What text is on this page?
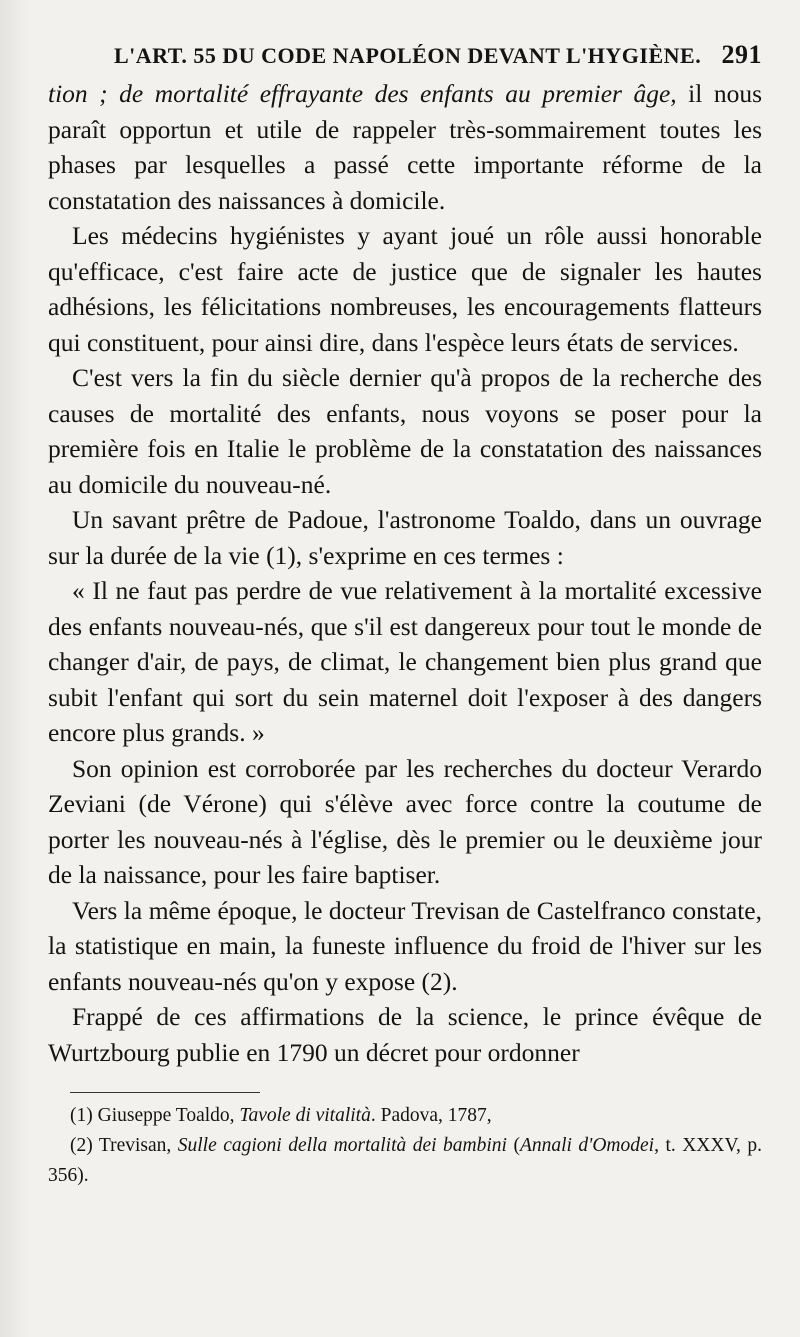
L'ART. 55 DU CODE NAPOLÉON DEVANT L'HYGIÈNE. 291

tion ; de mortalité effrayante des enfants au premier âge, il nous paraît opportun et utile de rappeler très-sommairement toutes les phases par lesquelles a passé cette importante réforme de la constatation des naissances à domicile.

Les médecins hygiénistes y ayant joué un rôle aussi honorable qu'efficace, c'est faire acte de justice que de signaler les hautes adhésions, les félicitations nombreuses, les encouragements flatteurs qui constituent, pour ainsi dire, dans l'espèce leurs états de services.

C'est vers la fin du siècle dernier qu'à propos de la recherche des causes de mortalité des enfants, nous voyons se poser pour la première fois en Italie le problème de la constatation des naissances au domicile du nouveau-né.

Un savant prêtre de Padoue, l'astronome Toaldo, dans un ouvrage sur la durée de la vie (1), s'exprime en ces termes :

« Il ne faut pas perdre de vue relativement à la mortalité excessive des enfants nouveau-nés, que s'il est dangereux pour tout le monde de changer d'air, de pays, de climat, le changement bien plus grand que subit l'enfant qui sort du sein maternel doit l'exposer à des dangers encore plus grands. »

Son opinion est corroborée par les recherches du docteur Verardo Zeviani (de Vérone) qui s'élève avec force contre la coutume de porter les nouveau-nés à l'église, dès le premier ou le deuxième jour de la naissance, pour les faire baptiser.

Vers la même époque, le docteur Trevisan de Castelfranco constate, la statistique en main, la funeste influence du froid de l'hiver sur les enfants nouveau-nés qu'on y expose (2).

Frappé de ces affirmations de la science, le prince évêque de Wurtzbourg publie en 1790 un décret pour ordonner

(1) Giuseppe Toaldo, Tavole di vitalità. Padova, 1787,

(2) Trevisan, Sulle cagioni della mortalità dei bambini (Annali d'Omodei, t. XXXV, p. 356).
